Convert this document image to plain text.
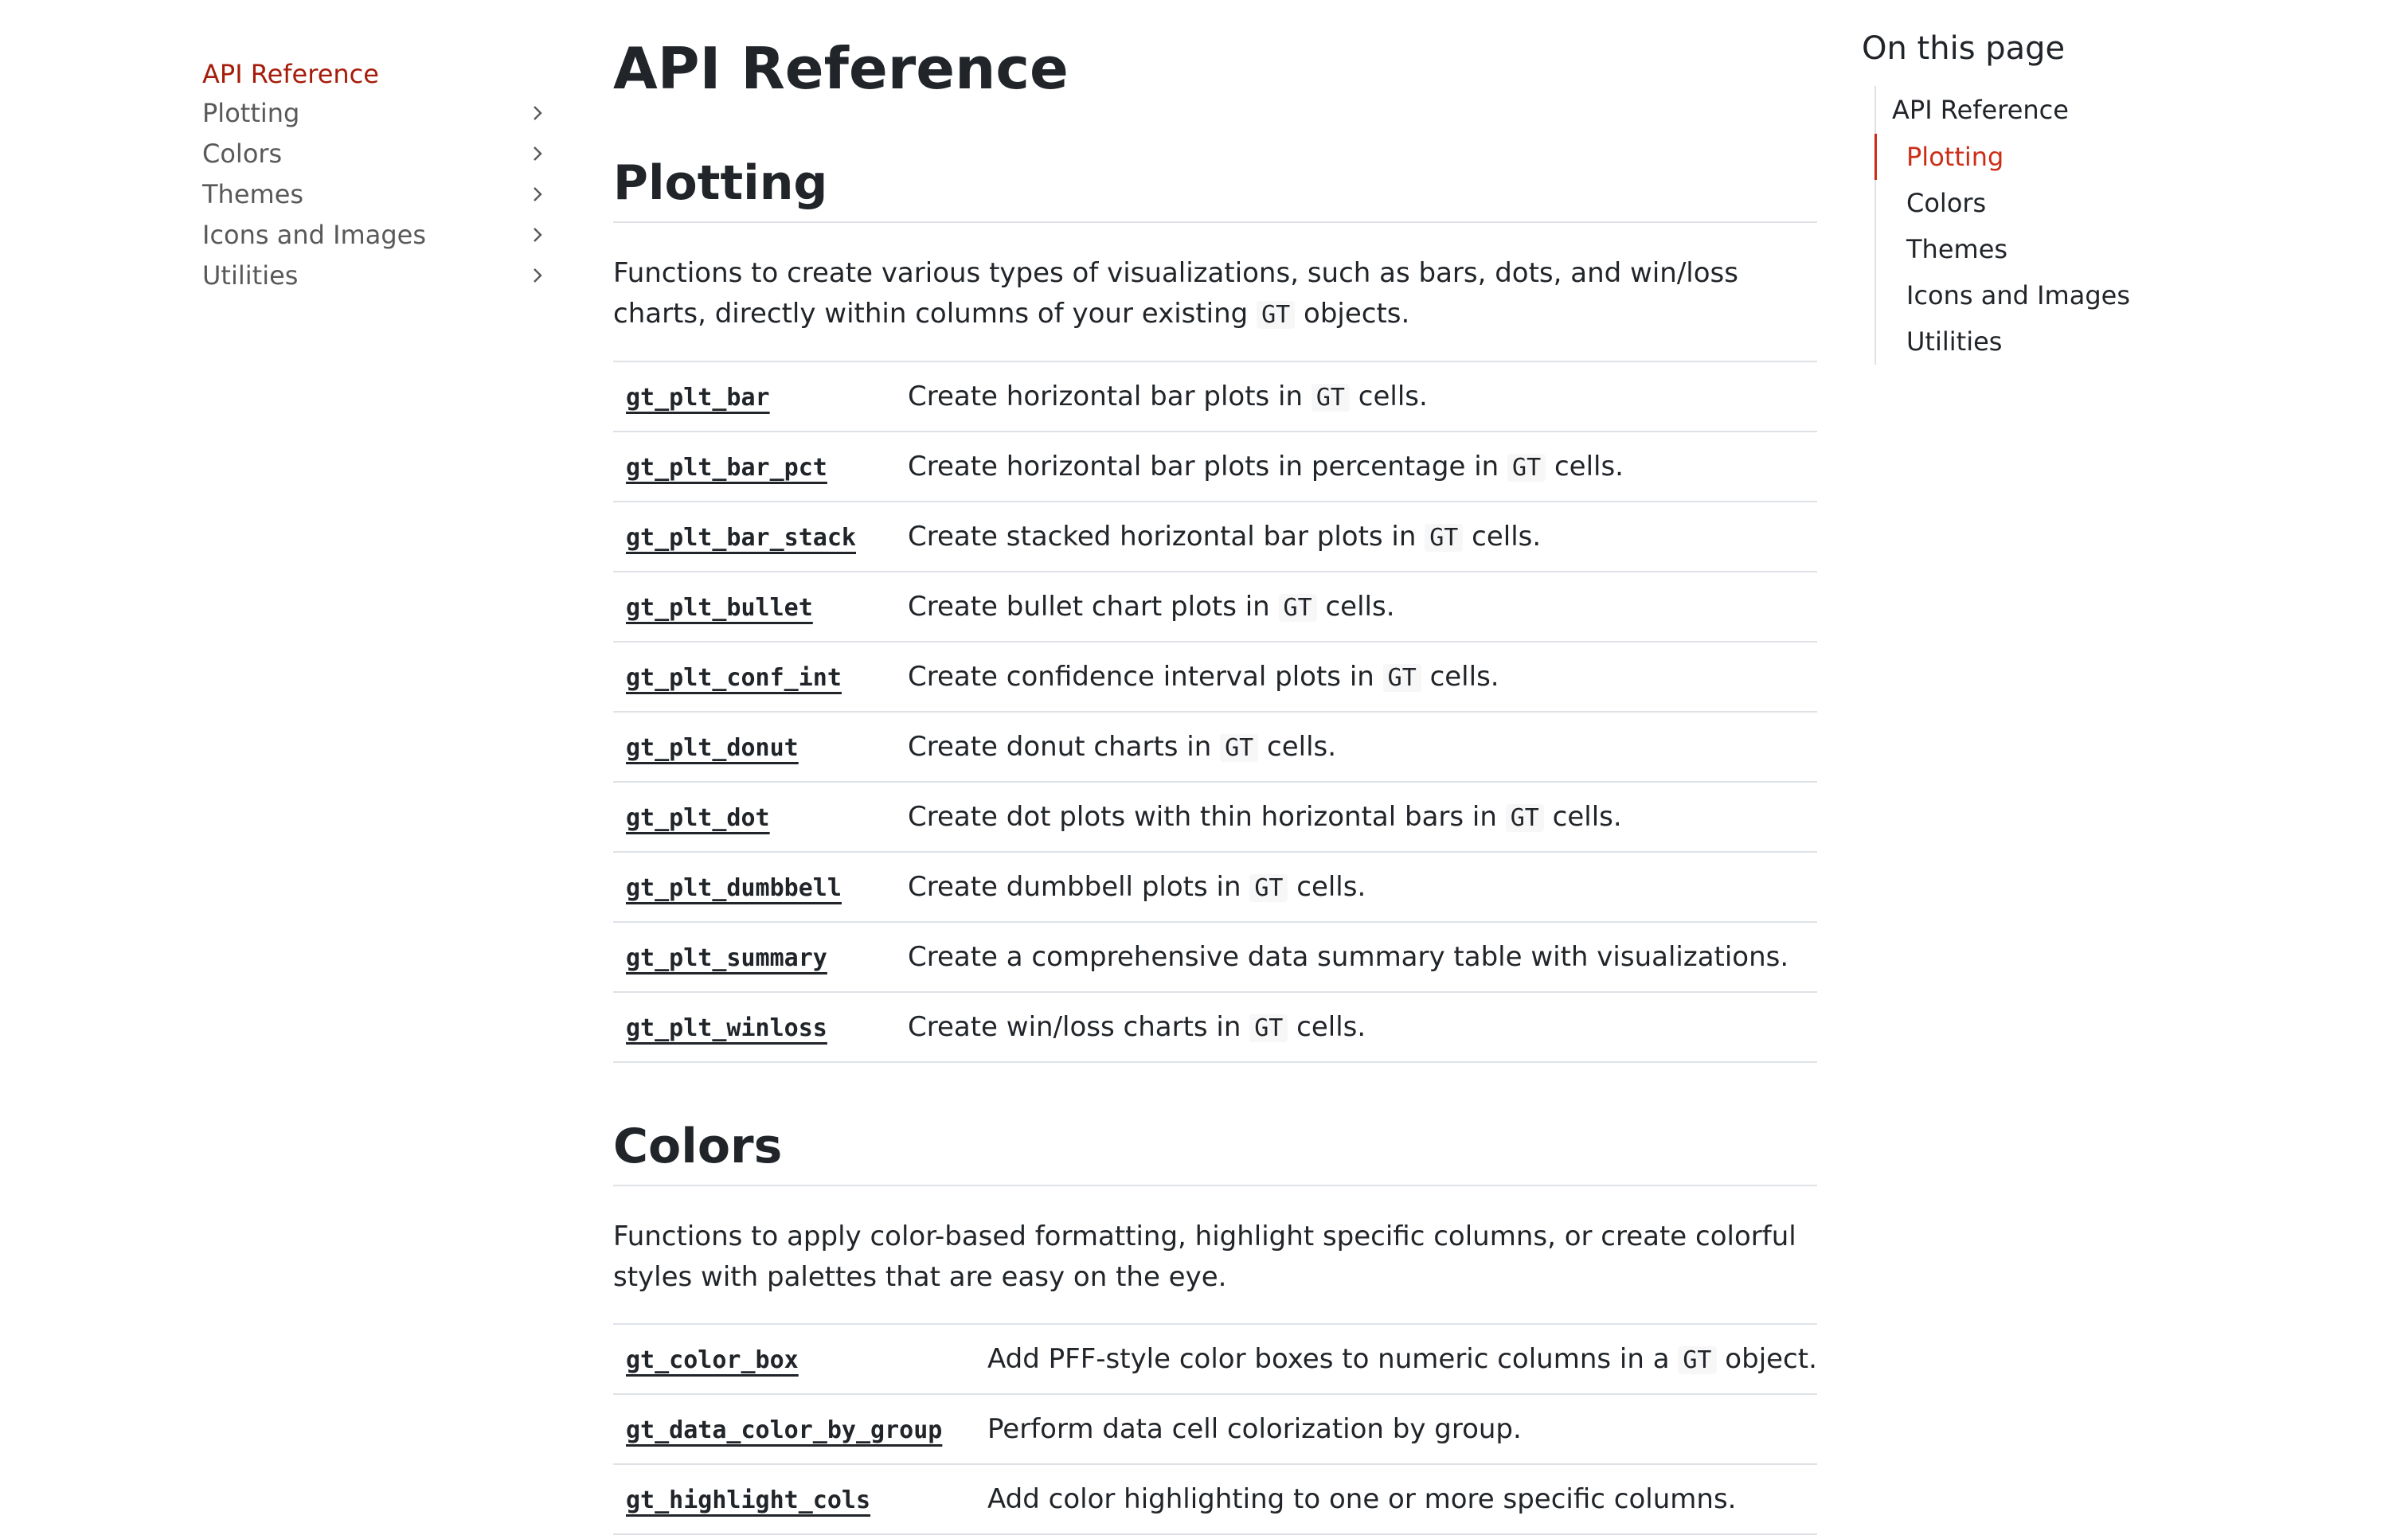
API Reference
Plotting
Colors
Themes
Icons and Images
Utilities
API Reference
Plotting

Functions to create various types of visualizations, such as bars, dots, and win/loss charts, directly within columns of your existing GT objects.

gt_plt_bar	Create horizontal bar plots in GT cells.
gt_plt_bar_pct	Create horizontal bar plots in percentage in GT cells.
gt_plt_bar_stack	Create stacked horizontal bar plots in GT cells.
gt_plt_bullet	Create bullet chart plots in GT cells.
gt_plt_conf_int	Create confidence interval plots in GT cells.
gt_plt_donut	Create donut charts in GT cells.
gt_plt_dot	Create dot plots with thin horizontal bars in GT cells.
gt_plt_dumbbell	Create dumbbell plots in GT cells.
gt_plt_summary	Create a comprehensive data summary table with visualizations.
gt_plt_winloss	Create win/loss charts in GT cells.
Colors

Functions to apply color-based formatting, highlight specific columns, or create colorful styles with palettes that are easy on the eye.

gt_color_box	Add PFF-style color boxes to numeric columns in a GT object.
gt_data_color_by_group	Perform data cell colorization by group.
gt_highlight_cols	Add color highlighting to one or more specific columns.
On this page
API Reference
Plotting
Colors
Themes
Icons and Images
Utilities
